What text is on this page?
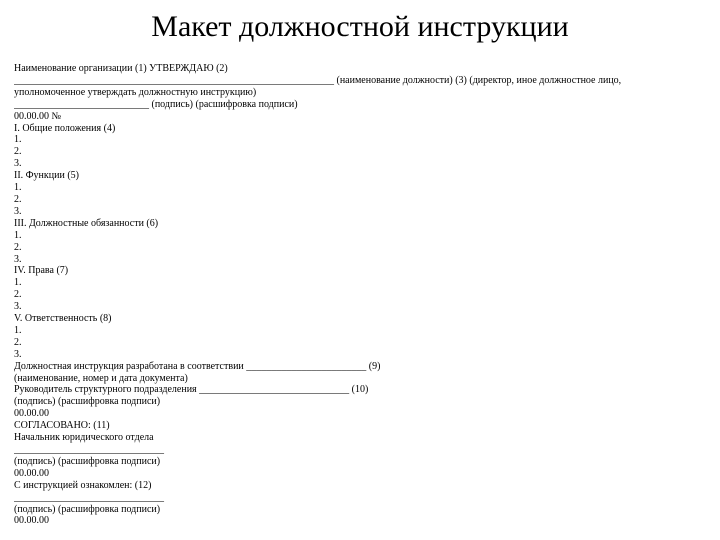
Макет должностной инструкции
Наименование организации (1) УТВЕРЖДАЮ (2)
________________________________________________________________ (наименование должности) (3) (директор, иное должностное лицо,
уполномоченное утверждать должностную инструкцию)
___________________________ (подпись) (расшифровка подписи)
00.00.00 №
I. Общие положения (4)
1.
2.
3.
II. Функции (5)
1.
2.
3.
III. Должностные обязанности (6)
1.
2.
3.
IV. Права (7)
1.
2.
3.
V. Ответственность (8)
1.
2.
3.
Должностная инструкция разработана в соответствии ________________________ (9)
(наименование, номер и дата документа)
Руководитель структурного подразделения ______________________________ (10)
(подпись) (расшифровка подписи)
00.00.00
СОГЛАСОВАНО: (11)
Начальник юридического отдела
______________________________
(подпись) (расшифровка подписи)
00.00.00
С инструкцией ознакомлен: (12)
______________________________
(подпись) (расшифровка подписи)
00.00.00
